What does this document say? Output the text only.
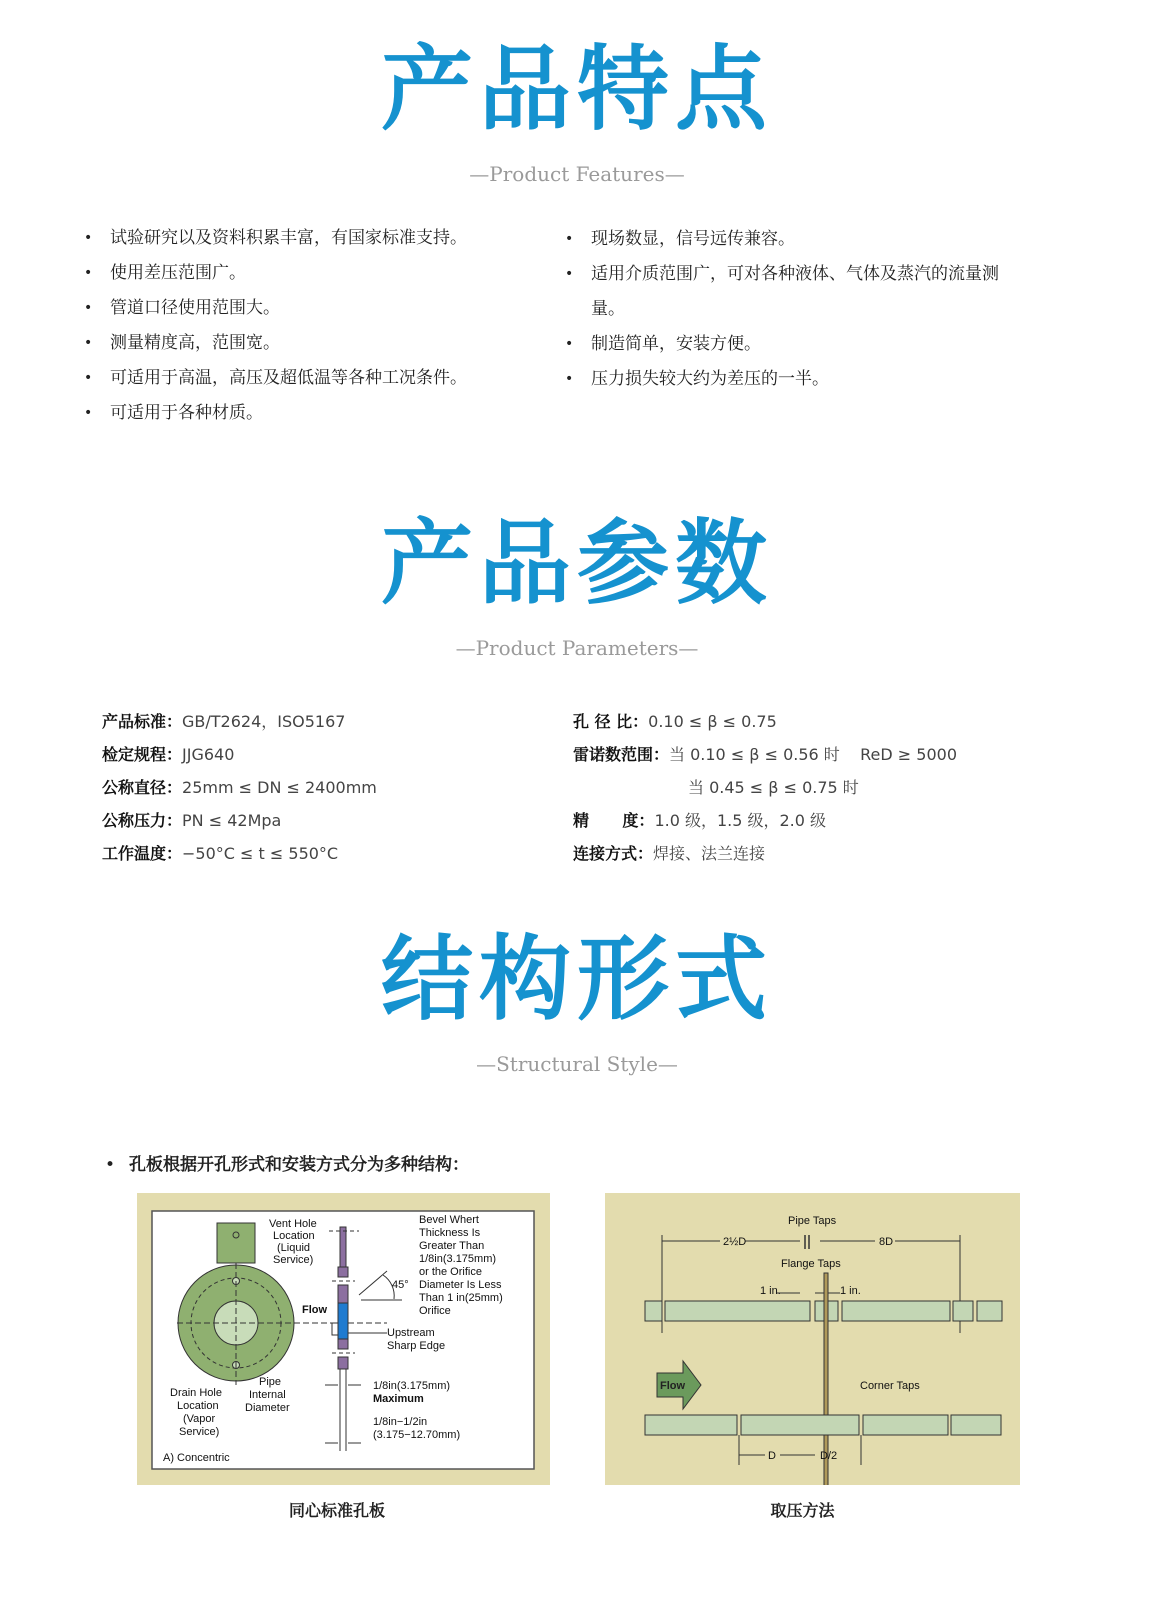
产品特点
—Product Features—
• 试验研究以及资料积累丰富，有国家标准支持。
• 使用差压范围广。
• 管道口径使用范围大。
• 测量精度高，范围宽。
• 可适用于高温，高压及超低温等各种工况条件。
• 可适用于各种材质。
• 现场数显，信号远传兼容。
• 适用介质范围广，可对各种液体、气体及蒸汽的流量测量。
• 制造简单，安装方便。
• 压力损失较大约为差压的一半。
产品参数
—Product Parameters—
产品标准：GB/T2624，ISO5167
检定规程：JJG640
公称直径：25mm ≤ DN ≤ 2400mm
公称压力：PN ≤ 42Mpa
工作温度：−50°C ≤ t ≤ 550°C
孔 径 比：0.10 ≤ β ≤ 0.75
雷诺数范围：当 0.10 ≤ β ≤ 0.56 时    ReD ≥ 5000
当 0.45 ≤ β ≤ 0.75 时
精      度：1.0 级，1.5 级，2.0 级
连接方式：焊接、法兰连接
结构形式
—Structural Style—
• 孔板根据开孔形式和安装方式分为多种结构：
45°
Vent Hole
Location
(Liquid
Service)
Bevel Whert
Thickness Is
Greater Than
1/8in(3.175mm)
or the Orifice
Diameter Is Less
Than 1 in(25mm)
Orifice
Flow
Upstream
Sharp Edge
Pipe
Internal
Diameter
Drain Hole
Location
(Vapor
Service)
1/8in(3.175mm)
Maximum
1/8in−1/2in
(3.175−12.70mm)
A) Concentric
同心标准孔板
Pipe Taps
2½D	8D
Flange Taps
1 in.	1 in.
Flow	Corner Taps
D	D/2
取压方法
